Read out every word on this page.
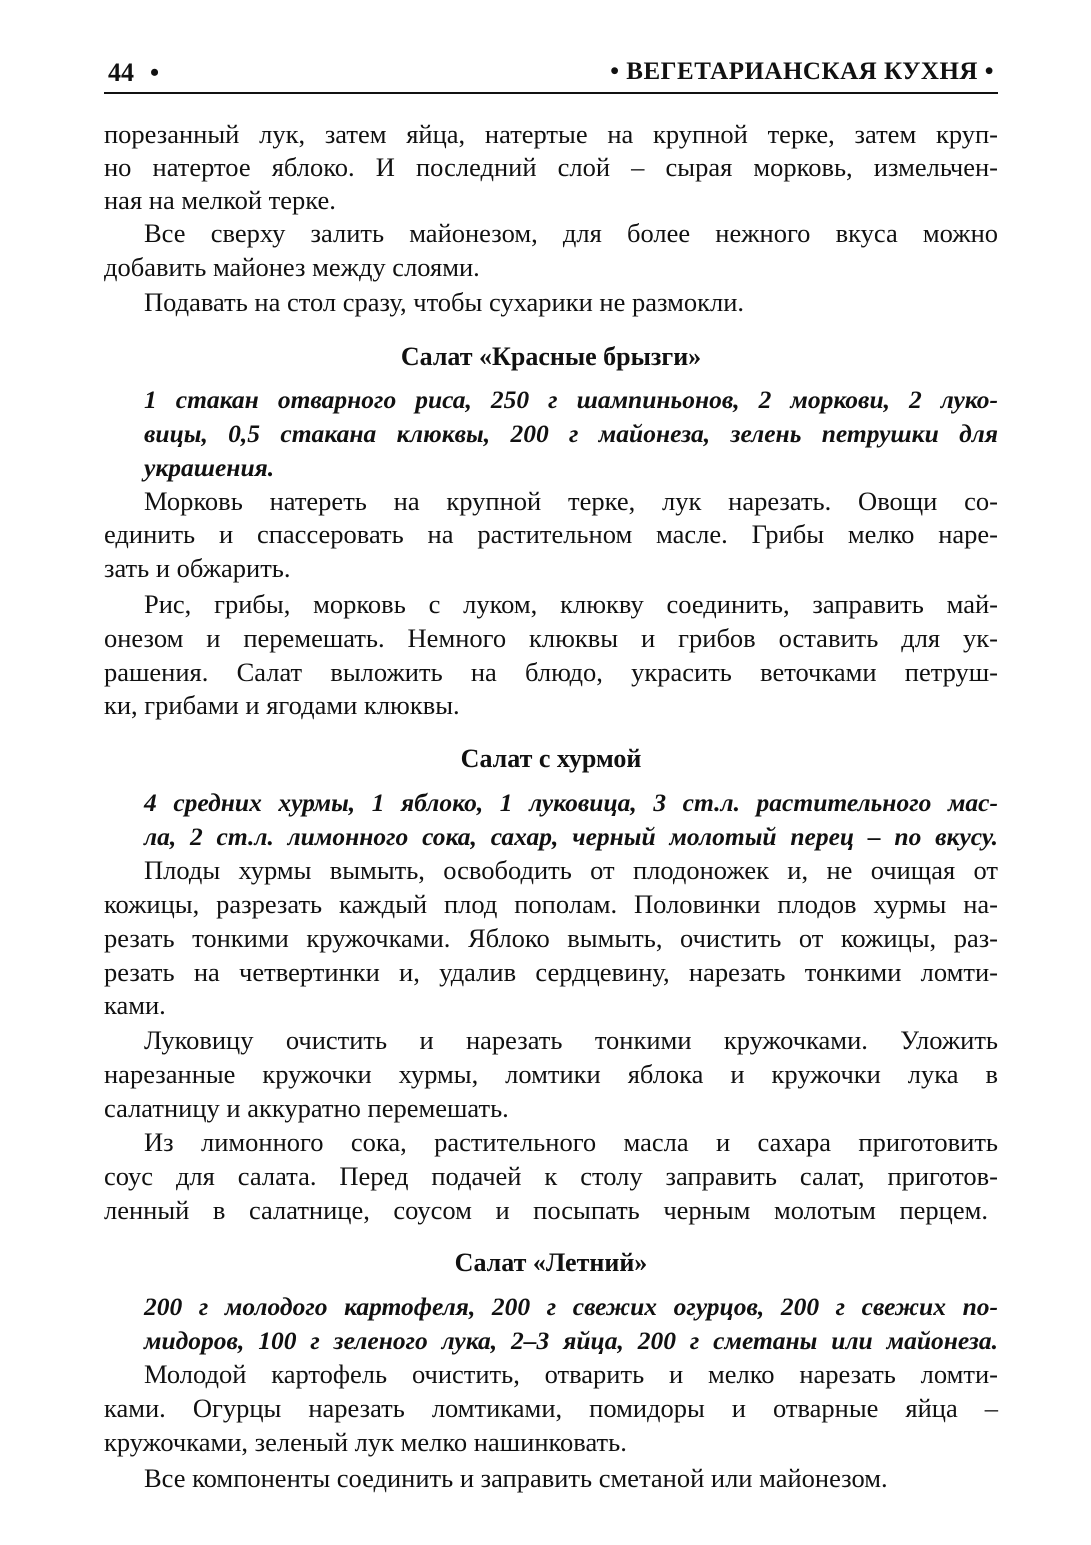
44 •	• ВЕГЕТАРИАНСКАЯ КУХНЯ •
порезанный лук, затем яйца, натертые на крупной терке, затем круп-
но натертое яблоко. И последний слой – сырая морковь, измельчен-
ная на мелкой терке.
Все сверху залить майонезом, для более нежного вкуса можно
добавить майонез между слоями.
Подавать на стол сразу, чтобы сухарики не размокли.
Салат «Красные брызги»
1 стакан отварного риса, 250 г шампиньонов, 2 моркови, 2 луко-
вицы, 0,5 стакана клюквы, 200 г майонеза, зелень петрушки для
украшения.
Морковь натереть на крупной терке, лук нарезать. Овощи со-
единить и спассеровать на растительном масле. Грибы мелко наре-
зать и обжарить.
Рис, грибы, морковь с луком, клюкву соединить, заправить май-
онезом и перемешать. Немного клюквы и грибов оставить для ук-
рашения. Салат выложить на блюдо, украсить веточками петруш-
ки, грибами и ягодами клюквы.
Салат с хурмой
4 средних хурмы, 1 яблоко, 1 луковица, 3 ст.л. растительного мас-
ла, 2 ст.л. лимонного сока, сахар, черный молотый перец – по вкусу.
Плоды хурмы вымыть, освободить от плодоножек и, не очищая от
кожицы, разрезать каждый плод пополам. Половинки плодов хурмы на-
резать тонкими кружочками. Яблоко вымыть, очистить от кожицы, раз-
резать на четвертинки и, удалив сердцевину, нарезать тонкими ломти-
ками.
Луковицу очистить и нарезать тонкими кружочками. Уложить
нарезанные кружочки хурмы, ломтики яблока и кружочки лука в
салатницу и аккуратно перемешать.
Из лимонного сока, растительного масла и сахара приготовить
соус для салата. Перед подачей к столу заправить салат, приготов-
ленный в салатнице, соусом и посыпать черным молотым перцем.
Салат «Летний»
200 г молодого картофеля, 200 г свежих огурцов, 200 г свежих по-
мидоров, 100 г зеленого лука, 2–3 яйца, 200 г сметаны или майонеза.
Молодой картофель очистить, отварить и мелко нарезать ломти-
ками. Огурцы нарезать ломтиками, помидоры и отварные яйца –
кружочками, зеленый лук мелко нашинковать.
Все компоненты соединить и заправить сметаной или майонезом.
